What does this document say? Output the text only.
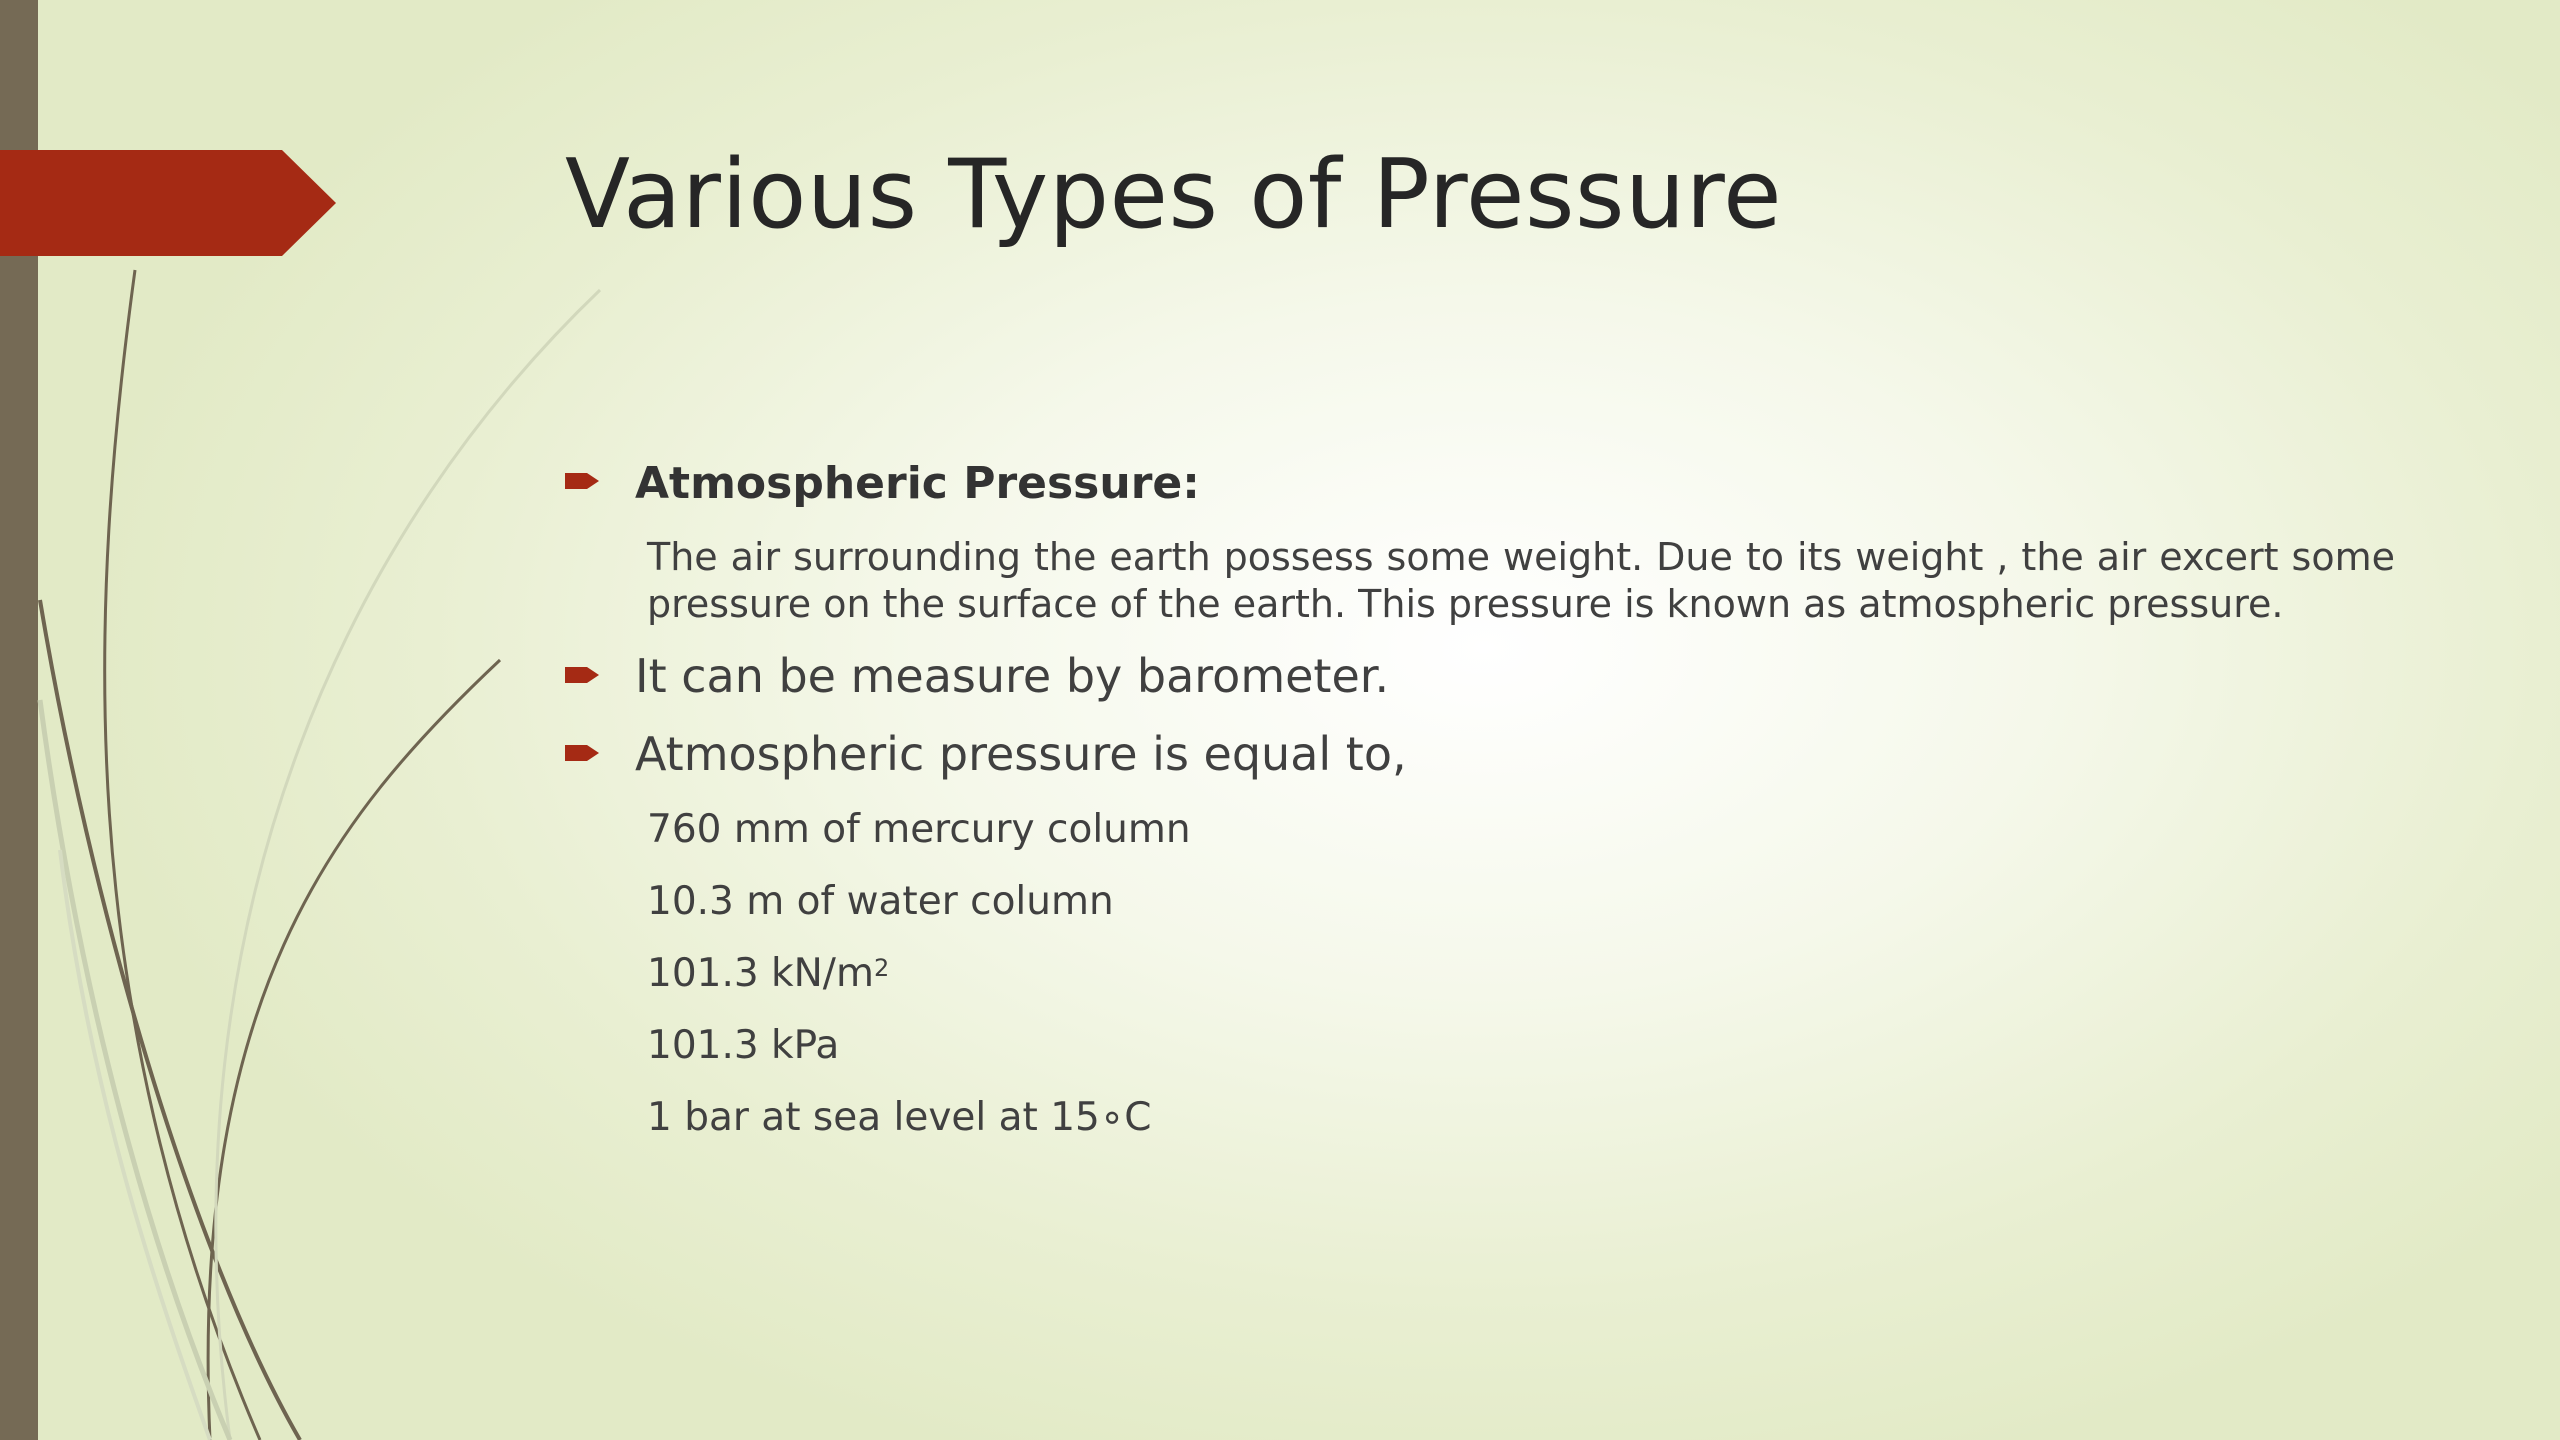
Various Types of Pressure
Atmospheric Pressure:
The air surrounding the earth possess some weight. Due to its weight , the air excert some pressure on the surface of the earth. This pressure is known as atmospheric pressure.
It can be measure by barometer.
Atmospheric pressure is equal to,
760 mm of mercury column
10.3 m of water column
101.3 $kN/m^2$
101.3 kPa
1 bar at sea level at 15∘C
